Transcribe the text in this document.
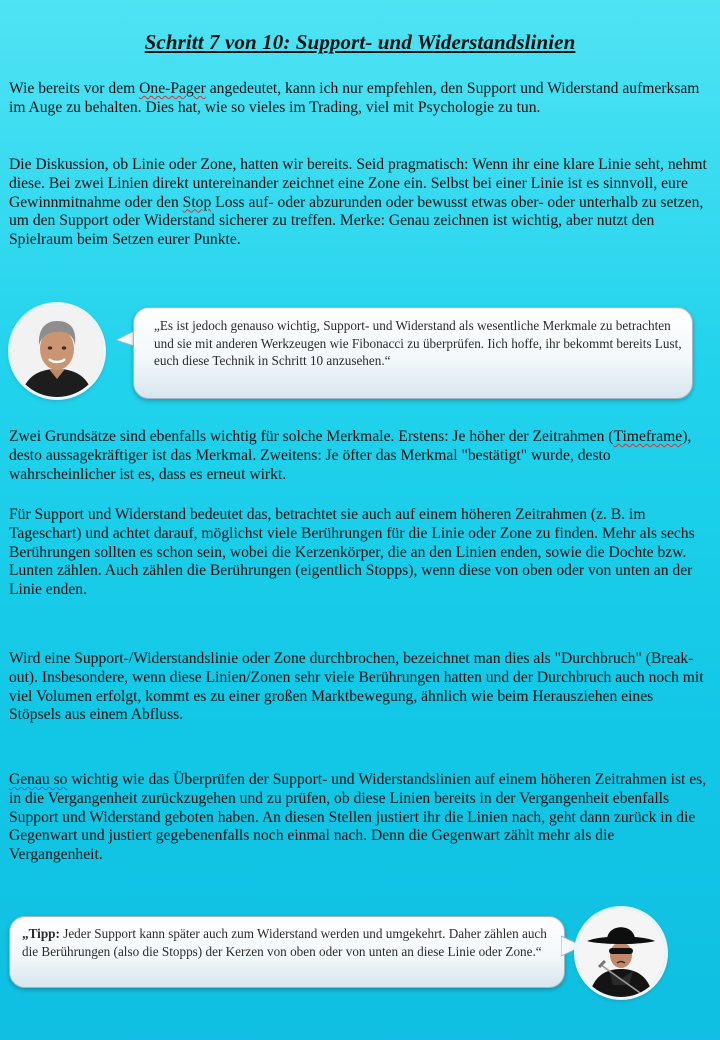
Schritt 7 von 10: Support- und Widerstandslinien

Wie bereits vor dem One-Pager angedeutet, kann ich nur empfehlen, den Support und Widerstand aufmerksam im Auge zu behalten. Dies hat, wie so vieles im Trading, viel mit Psychologie zu tun.

Die Diskussion, ob Linie oder Zone, hatten wir bereits. Seid pragmatisch: Wenn ihr eine klare Linie seht, nehmt diese. Bei zwei Linien direkt untereinander zeichnet eine Zone ein. Selbst bei einer Linie ist es sinnvoll, eure Gewinnmitnahme oder den Stop Loss auf- oder abzurunden oder bewusst etwas ober- oder unterhalb zu setzen, um den Support oder Widerstand sicherer zu treffen. Merke: Genau zeichnen ist wichtig, aber nutzt den Spielraum beim Setzen eurer Punkte.

„Es ist jedoch genauso wichtig, Support- und Widerstand als wesentliche Merkmale zu betrachten und sie mit anderen Werkzeugen wie Fibonacci zu überprüfen. Iich hoffe, ihr bekommt bereits Lust, euch diese Technik in Schritt 10 anzusehen.“

Zwei Grundsätze sind ebenfalls wichtig für solche Merkmale. Erstens: Je höher der Zeitrahmen (Timeframe), desto aussagekräftiger ist das Merkmal. Zweitens: Je öfter das Merkmal "bestätigt" wurde, desto wahrscheinlicher ist es, dass es erneut wirkt.

Für Support und Widerstand bedeutet das, betrachtet sie auch auf einem höheren Zeitrahmen (z. B. im Tageschart) und achtet darauf, möglichst viele Berührungen für die Linie oder Zone zu finden. Mehr als sechs Berührungen sollten es schon sein, wobei die Kerzenkörper, die an den Linien enden, sowie die Dochte bzw. Lunten zählen. Auch zählen die Berührungen (eigentlich Stopps), wenn diese von oben oder von unten an der Linie enden.

Wird eine Support-/Widerstandslinie oder Zone durchbrochen, bezeichnet man dies als "Durchbruch" (Break-out). Insbesondere, wenn diese Linien/Zonen sehr viele Berührungen hatten und der Durchbruch auch noch mit viel Volumen erfolgt, kommt es zu einer großen Marktbewegung, ähnlich wie beim Herausziehen eines Stöpsels aus einem Abfluss.

Genau so wichtig wie das Überprüfen der Support- und Widerstandslinien auf einem höheren Zeitrahmen ist es, in die Vergangenheit zurückzugehen und zu prüfen, ob diese Linien bereits in der Vergangenheit ebenfalls Support und Widerstand geboten haben. An diesen Stellen justiert ihr die Linien nach, geht dann zurück in die Gegenwart und justiert gegebenenfalls noch einmal nach. Denn die Gegenwart zählt mehr als die Vergangenheit.

„Tipp: Jeder Support kann später auch zum Widerstand werden und umgekehrt. Daher zählen auch die Berührungen (also die Stopps) der Kerzen von oben oder von unten an diese Linie oder Zone.“
